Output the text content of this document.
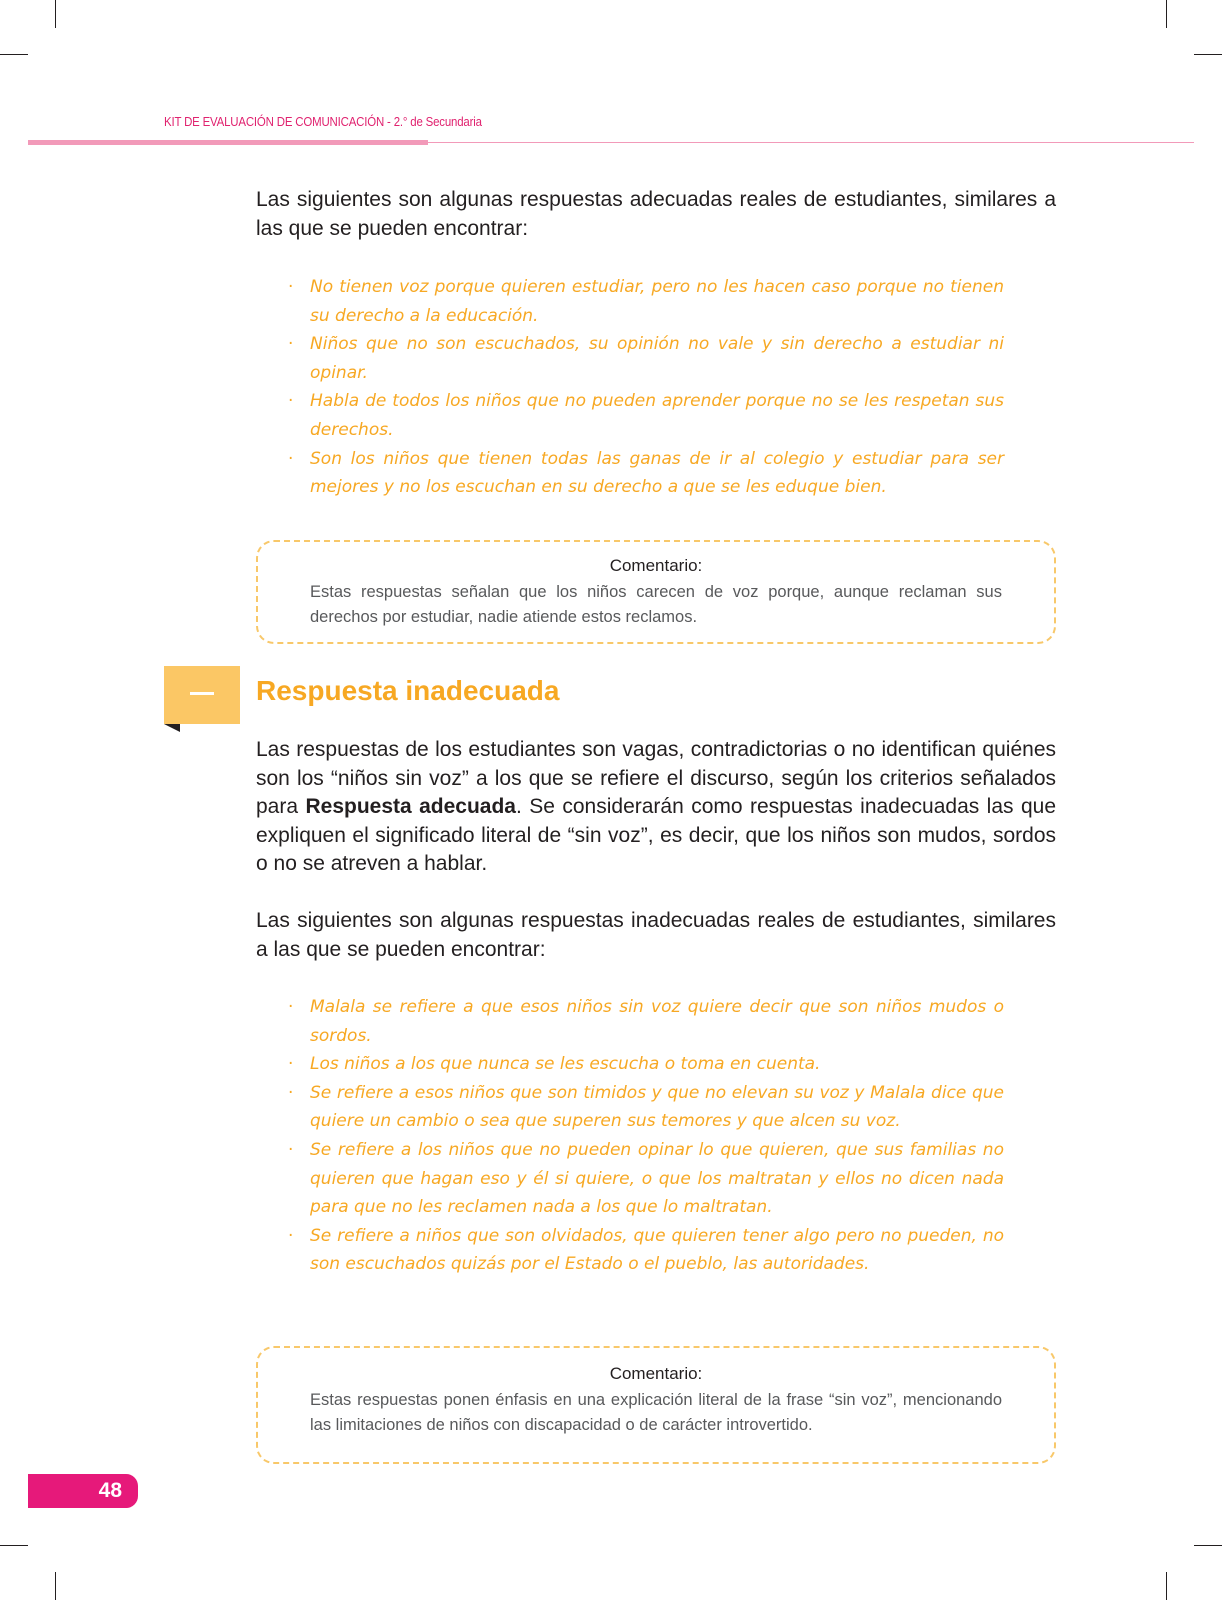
KIT DE EVALUACIÓN DE COMUNICACIÓN - 2.° de Secundaria

Las siguientes son algunas respuestas adecuadas reales de estudiantes, similares a las que se pueden encontrar:

· No tienen voz porque quieren estudiar, pero no les hacen caso porque no tienen su derecho a la educación.
· Niños que no son escuchados, su opinión no vale y sin derecho a estudiar ni opinar.
· Habla de todos los niños que no pueden aprender porque no se les respetan sus derechos.
· Son los niños que tienen todas las ganas de ir al colegio y estudiar para ser mejores y no los escuchan en su derecho a que se les eduque bien.
Comentario:
Estas respuestas señalan que los niños carecen de voz porque, aunque reclaman sus derechos por estudiar, nadie atiende estos reclamos.
Respuesta inadecuada

Las respuestas de los estudiantes son vagas, contradictorias o no identifican quiénes son los “niños sin voz” a los que se refiere el discurso, según los criterios señalados para Respuesta adecuada. Se considerarán como respuestas inadecuadas las que expliquen el significado literal de “sin voz”, es decir, que los niños son mudos, sordos o no se atreven a hablar.

Las siguientes son algunas respuestas inadecuadas reales de estudiantes, similares a las que se pueden encontrar:

· Malala se refiere a que esos niños sin voz quiere decir que son niños mudos o sordos.
· Los niños a los que nunca se les escucha o toma en cuenta.
· Se refiere a esos niños que son timidos y que no elevan su voz y Malala dice que quiere un cambio o sea que superen sus temores y que alcen su voz.
· Se refiere a los niños que no pueden opinar lo que quieren, que sus familias no quieren que hagan eso y él si quiere, o que los maltratan y ellos no dicen nada para que no les reclamen nada a los que lo maltratan.
· Se refiere a niños que son olvidados, que quieren tener algo pero no pueden, no son escuchados quizás por el Estado o el pueblo, las autoridades.
Comentario:
Estas respuestas ponen énfasis en una explicación literal de la frase “sin voz”, mencionando las limitaciones de niños con discapacidad o de carácter introvertido.
48
